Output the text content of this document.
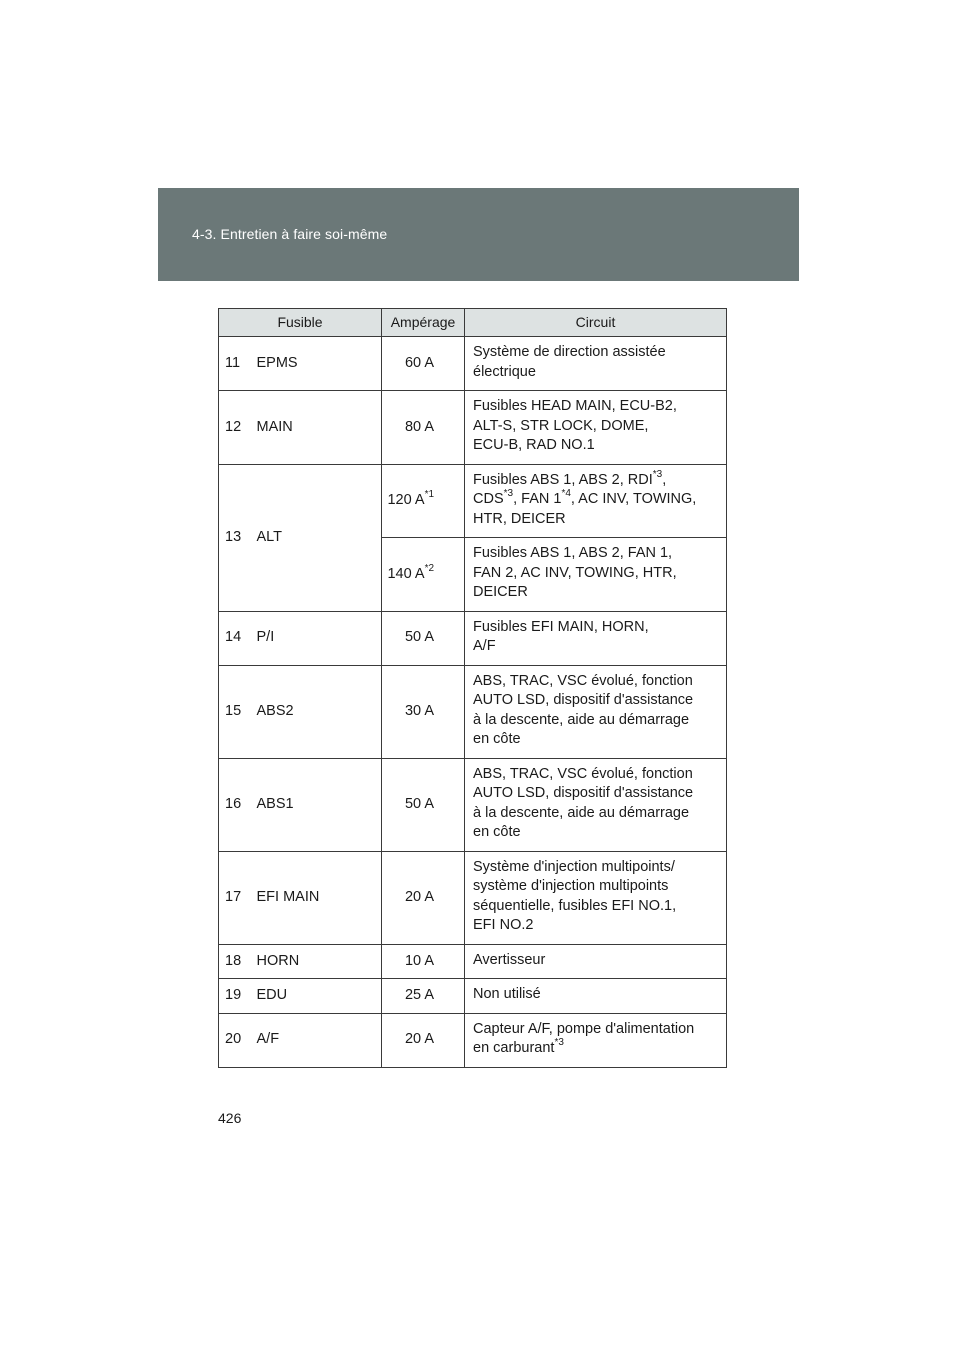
4-3. Entretien à faire soi-même
Fusible		Ampérage	Circuit
11	EPMS	60 A	Système de direction assistée
électrique

12	MAIN	80 A	Fusibles HEAD MAIN, ECU-B2,
ALT-S, STR LOCK, DOME,
ECU-B, RAD NO.1

13	ALT	120 $A^{*1}$	Fusibles ABS 1, ABS 2, RDI$^{*3}$,
CDS$^{*3}$, FAN 1$^{*4}$, AC INV, TOWING,
HTR, DEICER

		140 $A^{*2}$	Fusibles ABS 1, ABS 2, FAN 1,
FAN 2, AC INV, TOWING, HTR,
DEICER

14	P/I	50 A	Fusibles EFI MAIN, HORN,
A/F

15	ABS2	30 A	ABS, TRAC, VSC évolué, fonction
AUTO LSD, dispositif d'assistance
à la descente, aide au démarrage
en côte

16	ABS1	50 A	ABS, TRAC, VSC évolué, fonction
AUTO LSD, dispositif d'assistance
à la descente, aide au démarrage
en côte

17	EFI MAIN	20 A	Système d'injection multipoints/
système d'injection multipoints
séquentielle, fusibles EFI NO.1,
EFI NO.2

18	HORN	10 A	Avertisseur

19	EDU	25 A	Non utilisé

20	A/F	20 A	Capteur A/F, pompe d'alimentation
en carburant$^{*3}$
426
